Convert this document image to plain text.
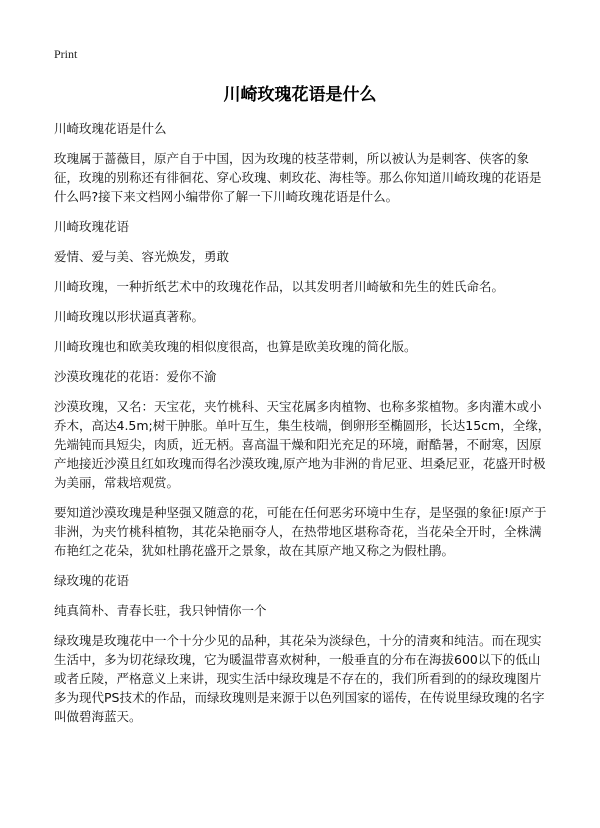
Print
川崎玫瑰花语是什么

川崎玫瑰花语是什么

玫瑰属于蔷薇目，原产自于中国，因为玫瑰的枝茎带刺，所以被认为是刺客、侠客的象征，玫瑰的别称还有徘徊花、穿心玫瑰、刺玫花、海桂等。那么你知道川崎玫瑰的花语是什么吗?接下来文档网小编带你了解一下川崎玫瑰花语是什么。

川崎玫瑰花语

爱情、爱与美、容光焕发，勇敢

川崎玫瑰，一种折纸艺术中的玫瑰花作品，以其发明者川崎敏和先生的姓氏命名。

川崎玫瑰以形状逼真著称。

川崎玫瑰也和欧美玫瑰的相似度很高，也算是欧美玫瑰的简化版。

沙漠玫瑰花的花语：爱你不渝

沙漠玫瑰，又名：天宝花，夹竹桃科、天宝花属多肉植物、也称多浆植物。多肉灌木或小乔木，高达4.5m;树干肿胀。单叶互生，集生枝端，倒卵形至椭圆形，长达15cm，全缘，先端钝而具短尖，肉质，近无柄。喜高温干燥和阳光充足的环境，耐酷暑，不耐寒，因原产地接近沙漠且红如玫瑰而得名沙漠玫瑰,原产地为非洲的肯尼亚、坦桑尼亚，花盛开时极为美丽，常栽培观赏。

要知道沙漠玫瑰是种坚强又随意的花，可能在任何恶劣环境中生存，是坚强的象征!原产于非洲，为夹竹桃科植物，其花朵艳丽夺人，在热带地区堪称奇花，当花朵全开时，全株满布艳红之花朵，犹如杜鹃花盛开之景象，故在其原产地又称之为假杜鹃。

绿玫瑰的花语

纯真简朴、青春长驻，我只钟情你一个

绿玫瑰是玫瑰花中一个十分少见的品种，其花朵为淡绿色，十分的清爽和纯洁。而在现实生活中，多为切花绿玫瑰，它为暖温带喜欢树种，一般垂直的分布在海拔600以下的低山或者丘陵，严格意义上来讲，现实生活中绿玫瑰是不存在的，我们所看到的的绿玫瑰图片多为现代PS技术的作品，而绿玫瑰则是来源于以色列国家的谣传，在传说里绿玫瑰的名字叫做碧海蓝天。
